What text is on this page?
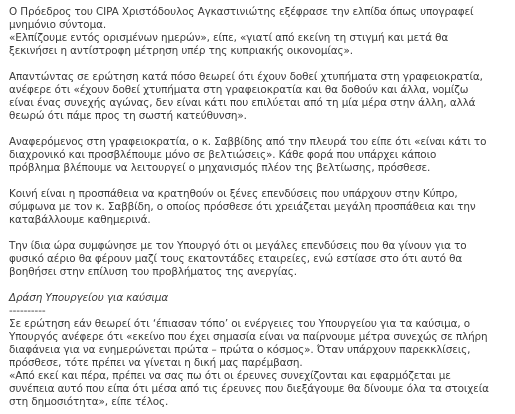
Ο Πρόεδρος του CIPA Χριστόδουλος Αγκαστινιώτης εξέφρασε την ελπίδα όπως υπογραφεί
μνημόνιο σύντομα.
«Ελπίζουμε εντός ορισμένων ημερών», είπε, «γιατί από εκείνη τη στιγμή και μετά θα
ξεκινήσει η αντίστροφη μέτρηση υπέρ της κυπριακής οικονομίας».

Απαντώντας σε ερώτηση κατά πόσο θεωρεί ότι έχουν δοθεί χτυπήματα στη γραφειοκρατία,
ανέφερε ότι «έχουν δοθεί χτυπήματα στη γραφειοκρατία και θα δοθούν και άλλα, νομίζω
είναι ένας συνεχής αγώνας, δεν είναι κάτι που επιλύεται από τη μία μέρα στην άλλη, αλλά
θεωρώ ότι πάμε προς τη σωστή κατεύθυνση».

Αναφερόμενος στη γραφειοκρατία, ο κ. Σαββίδης από την πλευρά του είπε ότι «είναι κάτι το
διαχρονικό και προσβλέπουμε μόνο σε βελτιώσεις». Κάθε φορά που υπάρχει κάποιο
πρόβλημα βλέπουμε να λειτουργεί ο μηχανισμός πλέον της βελτίωσης, πρόσθεσε.

Κοινή είναι η προσπάθεια να κρατηθούν οι ξένες επενδύσεις που υπάρχουν στην Κύπρο,
σύμφωνα με τον κ. Σαββίδη, ο οποίος πρόσθεσε ότι χρειάζεται μεγάλη προσπάθεια και την
καταβάλλουμε καθημερινά.

Την ίδια ώρα συμφώνησε με τον Υπουργό ότι οι μεγάλες επενδύσεις που θα γίνουν για το
φυσικό αέριο θα φέρουν μαζί τους εκατοντάδες εταιρείες, ενώ εστίασε στο ότι αυτό θα
βοηθήσει στην επίλυση του προβλήματος της ανεργίας.

Δράση Υπουργείου για καύσιμα

----------

Σε ερώτηση εάν θεωρεί ότι ‘έπιασαν τόπο’ οι ενέργειες του Υπουργείου για τα καύσιμα, ο
Υπουργός ανέφερε ότι «εκείνο που έχει σημασία είναι να παίρνουμε μέτρα συνεχώς σε πλήρη
διαφάνεια για να ενημερώνεται πρώτα – πρώτα ο κόσμος». Όταν υπάρχουν παρεκκλίσεις,
πρόσθεσε, τότε πρέπει να γίνεται η δική μας παρέμβαση.
«Από εκεί και πέρα, πρέπει να σας πω ότι οι έρευνες συνεχίζονται και εφαρμόζεται με
συνέπεια αυτό που είπα ότι μέσα από τις έρευνες που διεξάγουμε θα δίνουμε όλα τα στοιχεία
στη δημοσιότητα», είπε τέλος.
